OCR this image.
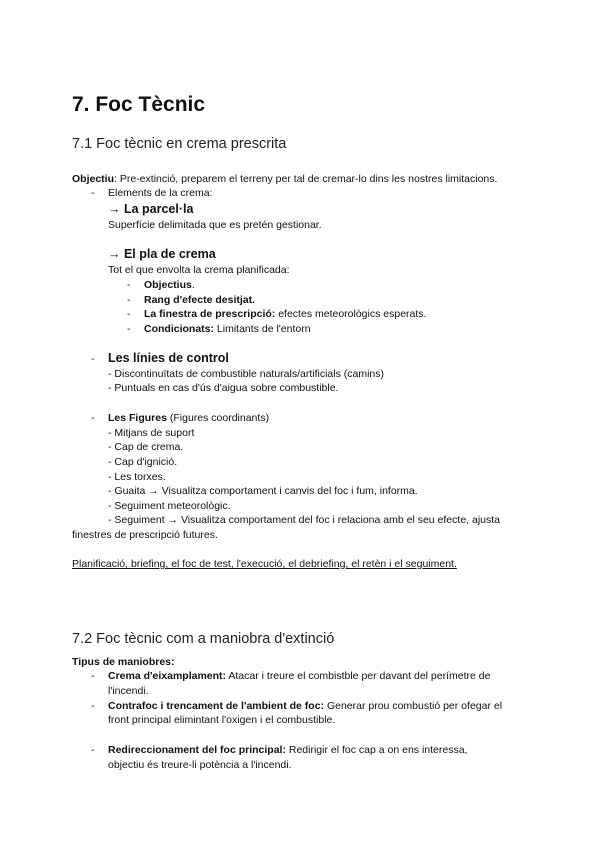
7. Foc Tècnic
7.1 Foc tècnic en crema prescrita
Objectiu: Pre-extinció, preparem el terreny per tal de cremar-lo dins les nostres limitacions.
- Elements de la crema:
→ La parcel·la
Superfície delimitada que es pretén gestionar.
→ El pla de crema
Tot el que envolta la crema planificada:
- Objectius.
- Rang d'efecte desitjat.
- La finestra de prescripció: efectes meteorològics esperats.
- Condicionats: Limitants de l'entorn
- Les línies de control
- Discontinuïtats de combustible naturals/artificials (camins)
- Puntuals en cas d'ús d'aigua sobre combustible.
- Les Figures (Figures coordinants)
- Mitjans de suport
- Cap de crema.
- Cap d'ignició.
- Les torxes.
- Guaita → Visualitza comportament i canvis del foc i fum, informa.
- Seguiment meteorològic.
- Seguiment → Visualitza comportament del foc i relaciona amb el seu efecte, ajusta
finestres de prescripció futures.
Planificació, briefing, el foc de test, l'execució, el debriefing, el retèn i el seguiment.
7.2 Foc tècnic com a maniobra d'extinció
Tipus de maniobres:
- Crema d'eixamplament: Atacar i treure el combistble per davant del perímetre de
l'incendi.
- Contrafoc i trencament de l'ambient de foc: Generar prou combustió per ofegar el
front principal elimintant l'oxigen i el combustible.
- Redireccionament del foc principal: Redirigir el foc cap a on ens interessa,
objectiu és treure-li potència a l'incendi.
